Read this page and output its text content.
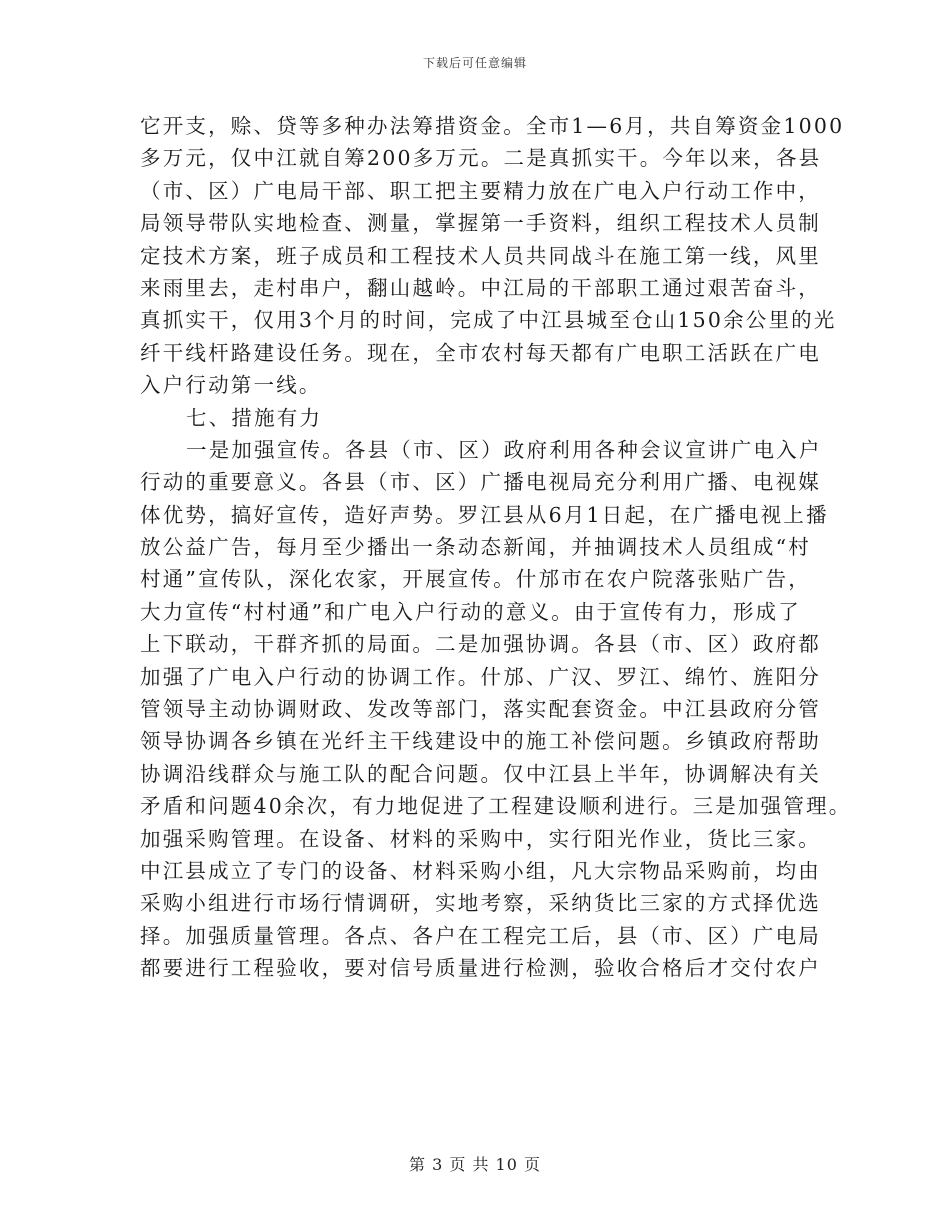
下载后可任意编辑
它开支，赊、贷等多种办法筹措资金。全市1—6月，共自筹资金1000
多万元，仅中江就自筹200多万元。二是真抓实干。今年以来，各县
（市、区）广电局干部、职工把主要精力放在广电入户行动工作中，
局领导带队实地检查、测量，掌握第一手资料，组织工程技术人员制
定技术方案，班子成员和工程技术人员共同战斗在施工第一线，风里
来雨里去，走村串户，翻山越岭。中江局的干部职工通过艰苦奋斗，
真抓实干，仅用3个月的时间，完成了中江县城至仓山150余公里的光
纤干线杆路建设任务。现在，全市农村每天都有广电职工活跃在广电
入户行动第一线。
七、措施有力
一是加强宣传。各县（市、区）政府利用各种会议宣讲广电入户
行动的重要意义。各县（市、区）广播电视局充分利用广播、电视媒
体优势，搞好宣传，造好声势。罗江县从6月1日起，在广播电视上播
放公益广告，每月至少播出一条动态新闻，并抽调技术人员组成“村
村通”宣传队，深化农家，开展宣传。什邡市在农户院落张贴广告，
大力宣传“村村通”和广电入户行动的意义。由于宣传有力，形成了
上下联动，干群齐抓的局面。二是加强协调。各县（市、区）政府都
加强了广电入户行动的协调工作。什邡、广汉、罗江、绵竹、旌阳分
管领导主动协调财政、发改等部门，落实配套资金。中江县政府分管
领导协调各乡镇在光纤主干线建设中的施工补偿问题。乡镇政府帮助
协调沿线群众与施工队的配合问题。仅中江县上半年，协调解决有关
矛盾和问题40余次，有力地促进了工程建设顺利进行。三是加强管理。
加强采购管理。在设备、材料的采购中，实行阳光作业，货比三家。
中江县成立了专门的设备、材料采购小组，凡大宗物品采购前，均由
采购小组进行市场行情调研，实地考察，采纳货比三家的方式择优选
择。加强质量管理。各点、各户在工程完工后，县（市、区）广电局
都要进行工程验收，要对信号质量进行检测，验收合格后才交付农户
第 3 页 共 10 页
